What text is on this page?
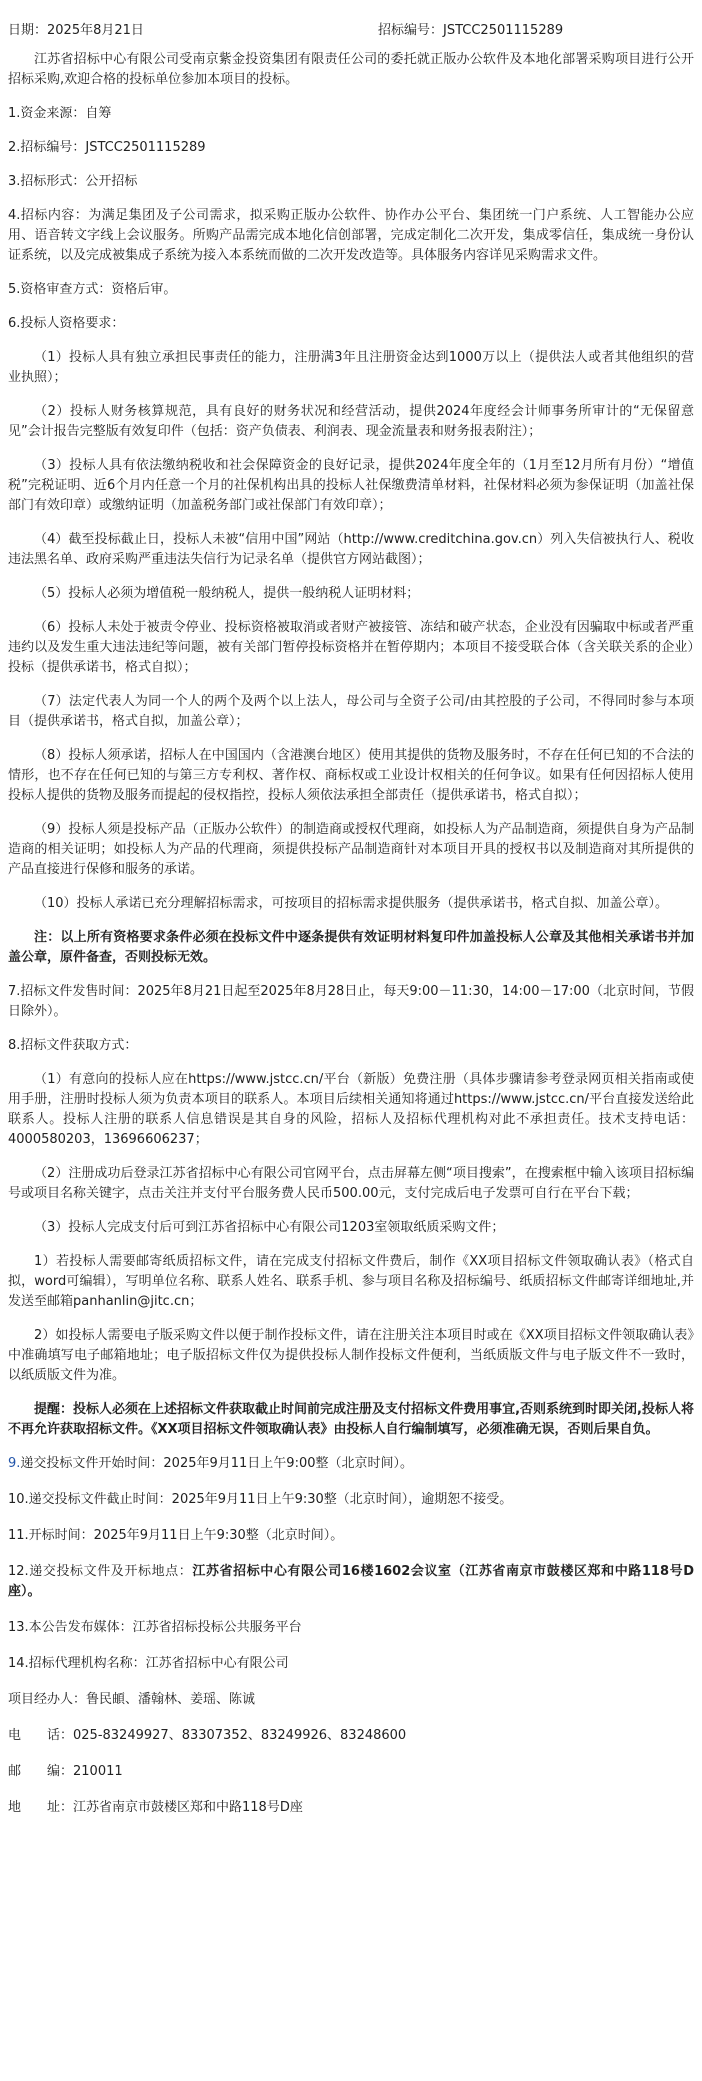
日期：2025年8月21日	招标编号：JSTCC2501115289

江苏省招标中心有限公司受南京紫金投资集团有限责任公司的委托就正版办公软件及本地化部署采购项目进行公开招标采购,欢迎合格的投标单位参加本项目的投标。

1.资金来源：自筹

2.招标编号：JSTCC2501115289

3.招标形式：公开招标

4.招标内容：为满足集团及子公司需求，拟采购正版办公软件、协作办公平台、集团统一门户系统、人工智能办公应用、语音转文字线上会议服务。所购产品需完成本地化信创部署，完成定制化二次开发，集成零信任，集成统一身份认证系统，以及完成被集成子系统为接入本系统而做的二次开发改造等。具体服务内容详见采购需求文件。

5.资格审查方式：资格后审。

6.投标人资格要求：

（1）投标人具有独立承担民事责任的能力，注册满3年且注册资金达到1000万以上（提供法人或者其他组织的营业执照）；

（2）投标人财务核算规范，具有良好的财务状况和经营活动，提供2024年度经会计师事务所审计的“无保留意见”会计报告完整版有效复印件（包括：资产负债表、利润表、现金流量表和财务报表附注）；

（3）投标人具有依法缴纳税收和社会保障资金的良好记录，提供2024年度全年的（1月至12月所有月份）“增值税”完税证明、近6个月内任意一个月的社保机构出具的投标人社保缴费清单材料，社保材料必须为参保证明（加盖社保部门有效印章）或缴纳证明（加盖税务部门或社保部门有效印章）；

（4）截至投标截止日，投标人未被“信用中国”网站（http://www.creditchina.gov.cn）列入失信被执行人、税收违法黑名单、政府采购严重违法失信行为记录名单（提供官方网站截图）；

（5）投标人必须为增值税一般纳税人，提供一般纳税人证明材料；

（6）投标人未处于被责令停业、投标资格被取消或者财产被接管、冻结和破产状态，企业没有因骗取中标或者严重违约以及发生重大违法违纪等问题，被有关部门暂停投标资格并在暂停期内；本项目不接受联合体（含关联关系的企业）投标（提供承诺书，格式自拟）；

（7）法定代表人为同一个人的两个及两个以上法人，母公司与全资子公司/由其控股的子公司，不得同时参与本项目（提供承诺书，格式自拟，加盖公章）；

（8）投标人须承诺，招标人在中国国内（含港澳台地区）使用其提供的货物及服务时，不存在任何已知的不合法的情形，也不存在任何已知的与第三方专利权、著作权、商标权或工业设计权相关的任何争议。如果有任何因招标人使用投标人提供的货物及服务而提起的侵权指控，投标人须依法承担全部责任（提供承诺书，格式自拟）；

（9）投标人须是投标产品（正版办公软件）的制造商或授权代理商，如投标人为产品制造商，须提供自身为产品制造商的相关证明；如投标人为产品的代理商，须提供投标产品制造商针对本项目开具的授权书以及制造商对其所提供的产品直接进行保修和服务的承诺。

（10）投标人承诺已充分理解招标需求，可按项目的招标需求提供服务（提供承诺书，格式自拟、加盖公章）。

注：以上所有资格要求条件必须在投标文件中逐条提供有效证明材料复印件加盖投标人公章及其他相关承诺书并加盖公章，原件备查，否则投标无效。

7.招标文件发售时间：2025年8月21日起至2025年8月28日止，每天9:00－11:30，14:00－17:00（北京时间，节假日除外）。

8.招标文件获取方式：

（1）有意向的投标人应在https://www.jstcc.cn/平台（新版）免费注册（具体步骤请参考登录网页相关指南或使用手册，注册时投标人须为负责本项目的联系人。本项目后续相关通知将通过https://www.jstcc.cn/平台直接发送给此联系人。投标人注册的联系人信息错误是其自身的风险，招标人及招标代理机构对此不承担责任。技术支持电话：4000580203，13696606237；

（2）注册成功后登录江苏省招标中心有限公司官网平台，点击屏幕左侧“项目搜索”，在搜索框中输入该项目招标编号或项目名称关键字，点击关注并支付平台服务费人民币500.00元，支付完成后电子发票可自行在平台下载；

（3）投标人完成支付后可到江苏省招标中心有限公司1203室领取纸质采购文件；

1）若投标人需要邮寄纸质招标文件，请在完成支付招标文件费后，制作《XX项目招标文件领取确认表》（格式自拟，word可编辑），写明单位名称、联系人姓名、联系手机、参与项目名称及招标编号、纸质招标文件邮寄详细地址,并发送至邮箱panhanlin@jitc.cn；

2）如投标人需要电子版采购文件以便于制作投标文件，请在注册关注本项目时或在《XX项目招标文件领取确认表》中准确填写电子邮箱地址；电子版招标文件仅为提供投标人制作投标文件便利，当纸质版文件与电子版文件不一致时，以纸质版文件为准。

提醒：投标人必须在上述招标文件获取截止时间前完成注册及支付招标文件费用事宜,否则系统到时即关闭,投标人将不再允许获取招标文件。《XX项目招标文件领取确认表》由投标人自行编制填写，必须准确无误，否则后果自负。

9.递交投标文件开始时间：2025年9月11日上午9:00整（北京时间）。

10.递交投标文件截止时间：2025年9月11日上午9:30整（北京时间），逾期恕不接受。

11.开标时间：2025年9月11日上午9:30整（北京时间）。

12.递交投标文件及开标地点：江苏省招标中心有限公司16楼1602会议室（江苏省南京市鼓楼区郑和中路118号D座）。

13.本公告发布媒体：江苏省招标投标公共服务平台

14.招标代理机构名称：江苏省招标中心有限公司

项目经办人：鲁民頔、潘翰林、姜瑶、陈诚

电　　话：025-83249927、83307352、83249926、83248600

邮　　编：210011

地　　址：江苏省南京市鼓楼区郑和中路118号D座
